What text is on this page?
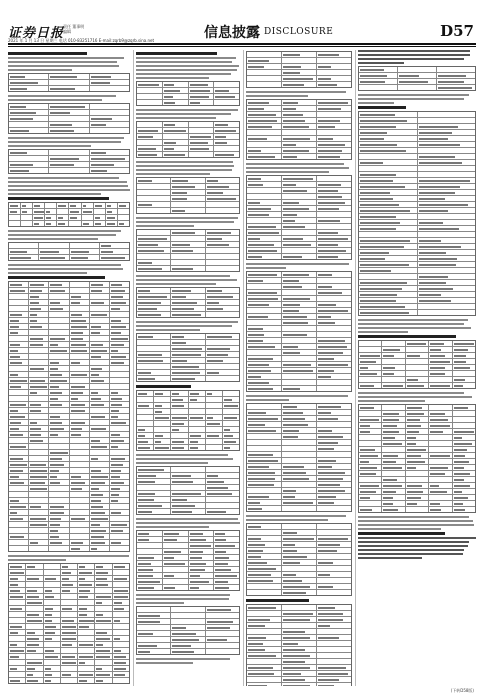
证券日报
责任 董事明
编辑
2021 年 1 月 13 日 星期三 电话 010-83251716 E-mail:zqrb9@zqrb.sina.net	信息披露 DISCLOSURE	D57
(下转D58版)
